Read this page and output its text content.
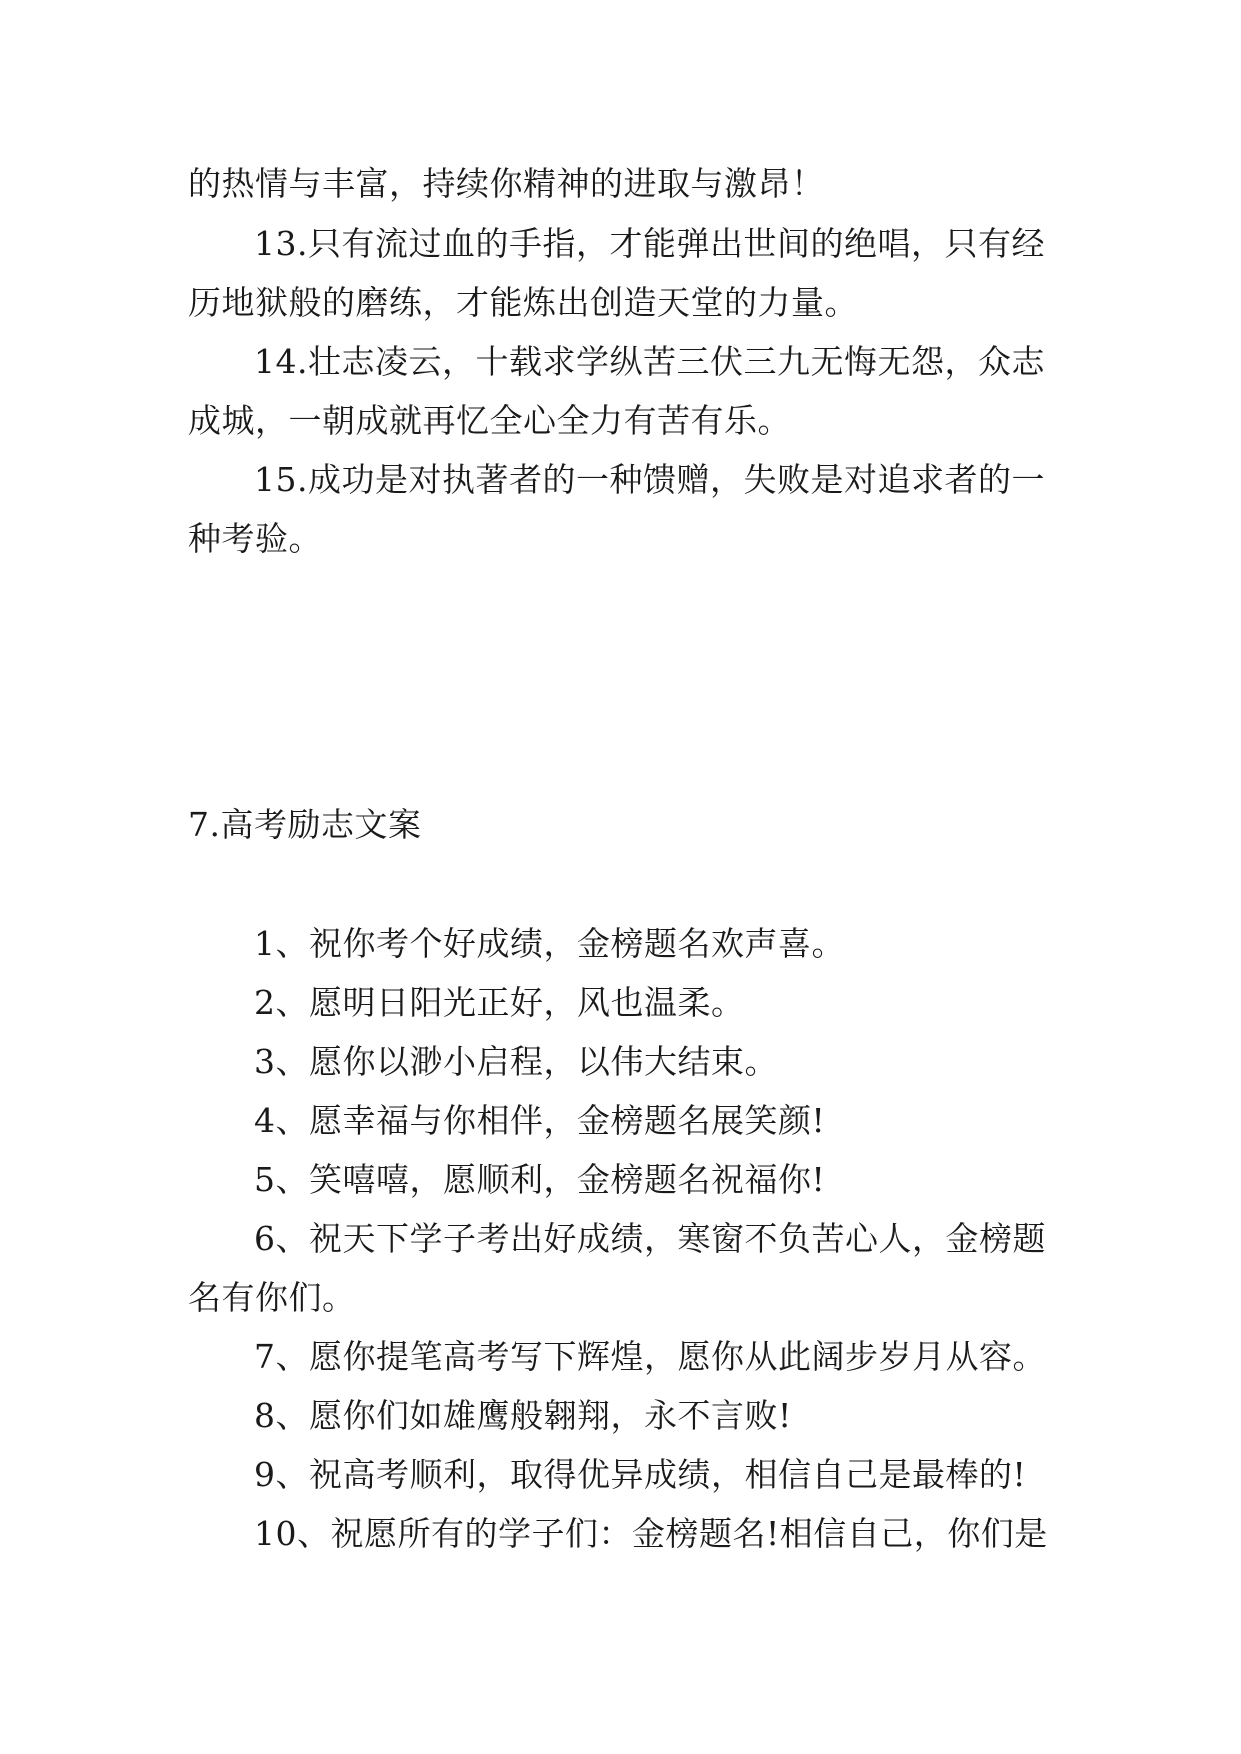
的热情与丰富，持续你精神的进取与激昂！
13.只有流过血的手指，才能弹出世间的绝唱，只有经
历地狱般的磨练，才能炼出创造天堂的力量。
14.壮志凌云，十载求学纵苦三伏三九无悔无怨，众志
成城，一朝成就再忆全心全力有苦有乐。
15.成功是对执著者的一种馈赠，失败是对追求者的一
种考验。
7.高考励志文案
1、祝你考个好成绩，金榜题名欢声喜。
2、愿明日阳光正好，风也温柔。
3、愿你以渺小启程，以伟大结束。
4、愿幸福与你相伴，金榜题名展笑颜!
5、笑嘻嘻，愿顺利，金榜题名祝福你!
6、祝天下学子考出好成绩，寒窗不负苦心人，金榜题
名有你们。
7、愿你提笔高考写下辉煌，愿你从此阔步岁月从容。
8、愿你们如雄鹰般翱翔，永不言败!
9、祝高考顺利，取得优异成绩，相信自己是最棒的!
10、祝愿所有的学子们：金榜题名!相信自己，你们是
